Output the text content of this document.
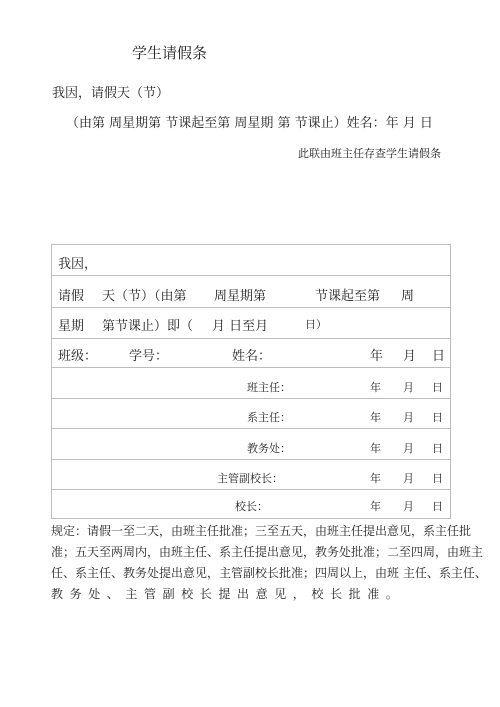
学生请假条
我因，请假天（节）
（由第 周星期第 节课起至第 周星期 第 节课止）姓名：年 月 日
此联由班主任存查学生请假条
我因，
请假 天（节）（由第 周星期第	节课起至第 周
星期 第节课止）即（ 月 日至月	日）
班级： 学号：	姓名：	年 月 日
班主任：	年 月 日
系主任：	年 月 日
教务处：	年 月 日
主管副校长：	年 月 日
校长：	年 月 日
规定：请假一至二天，由班主任批准；三至五天，由班主任提出意见，系主任批
准；五天至两周内，由班主任、系主任提出意见，教务处批准；二至四周，由班主
任、系主任、教务处提出意见，主管副校长批准；四周以上，由班 主任、系主任、
教务处、主管副校长提出意见，校长批准。
